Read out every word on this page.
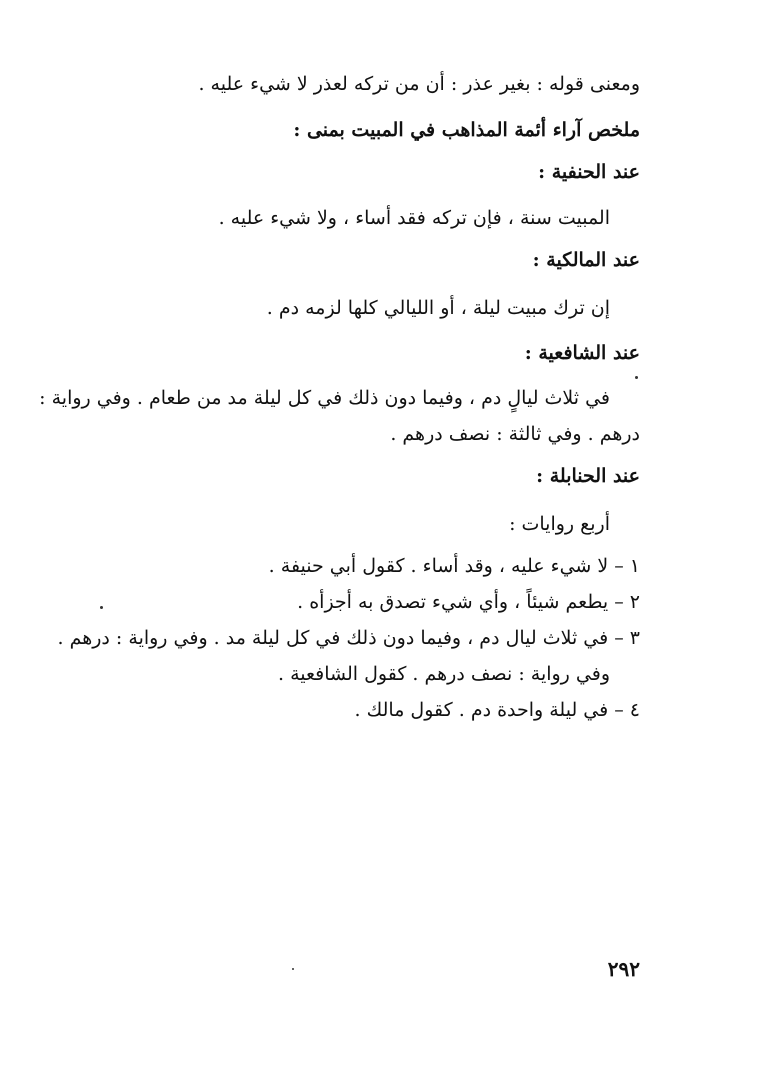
ومعنى قوله : بغير عذر : أن من تركه لعذر لا شيء عليه .
ملخص آراء أئمة المذاهب في المبيت بمنى :
عند الحنفية :
المبيت سنة ، فإن تركه فقد أساء ، ولا شيء عليه .
عند المالكية :
إن ترك مبيت ليلة ، أو الليالي كلها لزمه دم .
عند الشافعية :
في ثلاث ليالٍ دم ، وفيما دون ذلك في كل ليلة مد من طعام . وفي رواية :
درهم . وفي ثالثة : نصف درهم .
عند الحنابلة :
أربع روايات :
١ – لا شيء عليه ، وقد أساء . كقول أبي حنيفة .
٢ – يطعم شيئاً ، وأي شيء تصدق به أجزأه .
٣ – في ثلاث ليال دم ، وفيما دون ذلك في كل ليلة مد . وفي رواية : درهم .
وفي رواية : نصف درهم . كقول الشافعية .
٤ – في ليلة واحدة دم . كقول مالك .
٢٩٢
